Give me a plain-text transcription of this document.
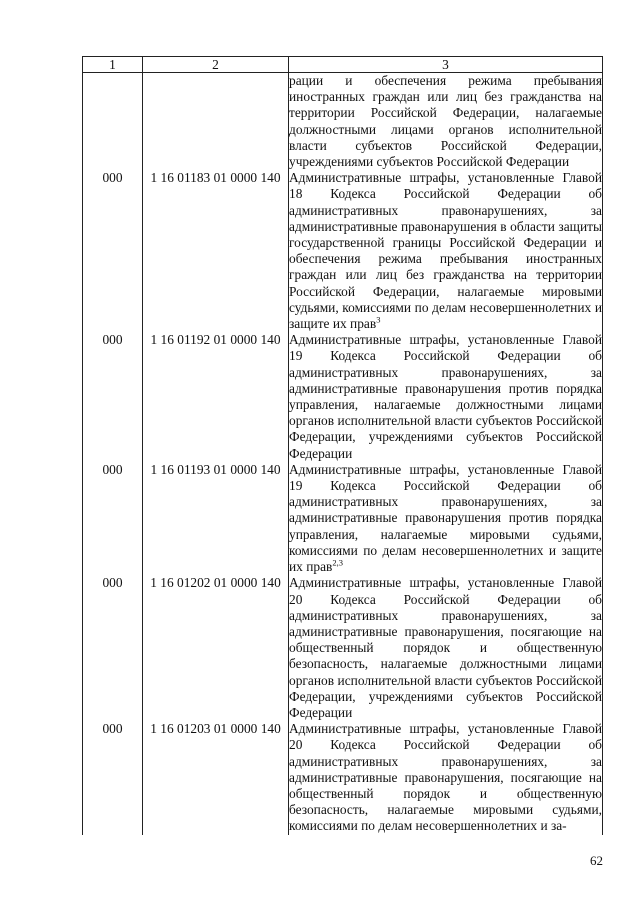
1	2	3
		рации и обеспечения режима пребывания иностранных граждан или лиц без гражданства на территории Российской Федерации, налагаемые должностными лицами органов исполнительной власти субъектов Российской Федерации, учреждениями субъектов Российской Федерации
000	1 16 01183 01 0000 140	Административные штрафы, установленные Главой 18 Кодекса Российской Федерации об административных правонарушениях, за административные правонарушения в области защиты государственной границы Российской Федерации и обеспечения режима пребывания иностранных граждан или лиц без гражданства на территории Российской Федерации, налагаемые мировыми судьями, комиссиями по делам несовершеннолетних и защите их прав$^3$
000	1 16 01192 01 0000 140	Административные штрафы, установленные Главой 19 Кодекса Российской Федерации об административных правонарушениях, за административные правонарушения против порядка управления, налагаемые должностными лицами органов исполнительной власти субъектов Российской Федерации, учреждениями субъектов Российской Федерации
000	1 16 01193 01 0000 140	Административные штрафы, установленные Главой 19 Кодекса Российской Федерации об административных правонарушениях, за административные правонарушения против порядка управления, налагаемые мировыми судьями, комиссиями по делам несовершеннолетних и защите их прав$^{2,3}$
000	1 16 01202 01 0000 140	Административные штрафы, установленные Главой 20 Кодекса Российской Федерации об административных правонарушениях, за административные правонарушения, посягающие на общественный порядок и общественную безопасность, налагаемые должностными лицами органов исполнительной власти субъектов Российской Федерации, учреждениями субъектов Российской Федерации
000	1 16 01203 01 0000 140	Административные штрафы, установленные Главой 20 Кодекса Российской Федерации об административных правонарушениях, за административные правонарушения, посягающие на общественный порядок и общественную безопасность, налагаемые мировыми судьями, комиссиями по делам несовершеннолетних и за-
62
